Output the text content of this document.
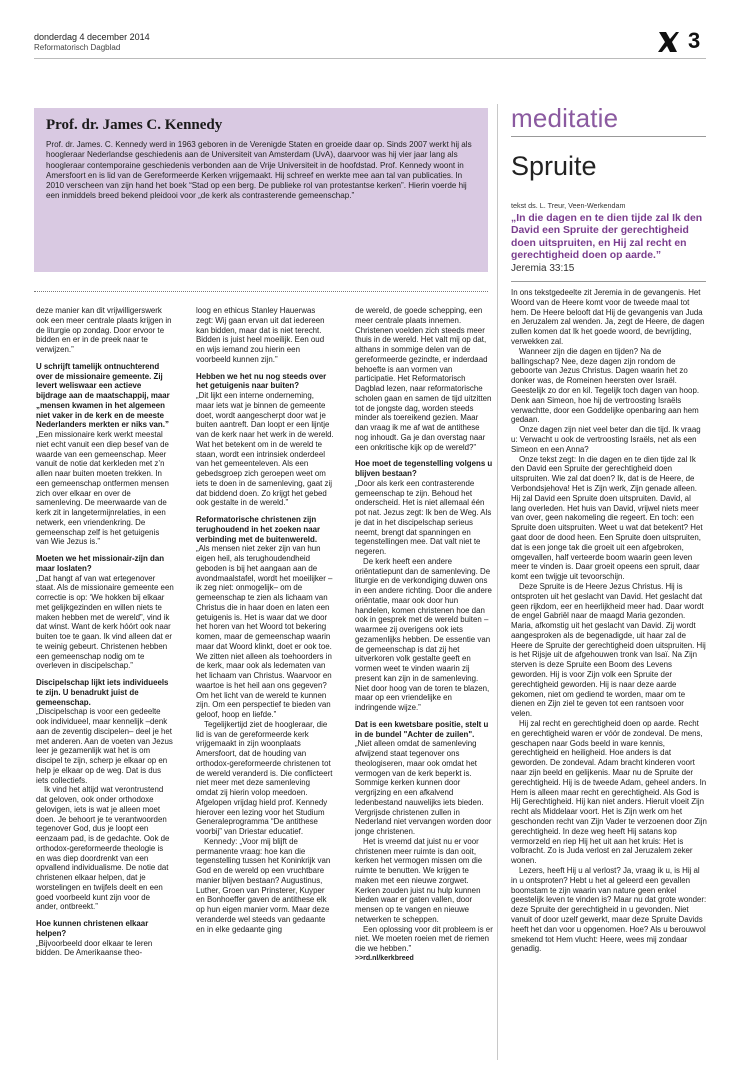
donderdag 4 december 2014
Reformatorisch Dagblad	3
Prof. dr. James C. Kennedy

Prof. dr. James. C. Kennedy werd in 1963 geboren in de Verenigde Staten en groeide daar op. Sinds 2007 werkt hij als hoogleraar Nederlandse geschiedenis aan de Universiteit van Amsterdam (UvA), daarvoor was hij vier jaar lang als hoogleraar contemporaine geschiedenis verbonden aan de Vrije Universiteit in de hoofdstad. Prof. Kennedy woont in Amersfoort en is lid van de Gereformeerde Kerken vrijgemaakt. Hij schreef en werkte mee aan tal van publicaties. In 2010 verscheen van zijn hand het boek “Stad op een berg. De publieke rol van protestantse kerken”. Hierin voerde hij een inmiddels breed bekend pleidooi voor „de kerk als contrasterende gemeenschap.”

deze manier kan dit vrijwilligerswerk ook een meer centrale plaats krijgen in de liturgie op zondag. Door ervoor te bidden en er in de preek naar te verwijzen.”

U schrijft tamelijk ontnuchterend over de missionaire gemeente. Zij levert weliswaar een actieve bijdrage aan de maatschappij, maar „mensen kwamen in het algemeen niet vaker in de kerk en de meeste Nederlanders merkten er niks van.”

„Een missionaire kerk werkt meestal niet echt vanuit een diep besef van de waarde van een gemeenschap. Meer vanuit de notie dat kerkleden met z’n allen naar buiten moeten trekken. In een gemeenschap ontfermen mensen zich over elkaar en over de samenleving. De meerwaarde van de kerk zit in langetermijnrelaties, in een netwerk, een vriendenkring. De gemeenschap zelf is het getuigenis van Wie Jezus is.”

Moeten we het missionair-zijn dan maar loslaten?

„Dat hangt af van wat ertegenover staat. Als de missionaire gemeente een correctie is op: ‘We hokken bij elkaar met gelijkgezinden en willen niets te maken hebben met de wereld”, vind ik dat winst. Want de kerk hóórt ook naar buiten toe te gaan. Ik vind alleen dat er te weinig gebeurt. Christenen hebben een gemeenschap nodig om te overleven in discipelschap.”

Discipelschap lijkt iets individueels te zijn. U benadrukt juist de gemeenschap.

„Discipelschap is voor een gedeelte ook individueel, maar kennelijk –denk aan de zeventig discipelen– deel je het met anderen. Aan de voeten van Jezus leer je gezamenlijk wat het is om discipel te zijn, scherp je elkaar op en help je elkaar op de weg. Dat is dus iets collectiefs.

Ik vind het altijd wat verontrustend dat geloven, ook onder orthodoxe gelovigen, iets is wat je alleen moet doen. Je behoort je te verantwoorden tegenover God, dus je loopt een eenzaam pad, is de gedachte. Ook de orthodox-gereformeerde theologie is en was diep doordrenkt van een opvallend individualisme. De notie dat christenen elkaar helpen, dat je worstelingen en twijfels deelt en een goed voorbeeld kunt zijn voor de ander, ontbreekt.”

Hoe kunnen christenen elkaar helpen?

„Bijvoorbeeld door elkaar te leren bidden. De Amerikaanse theo-

loog en ethicus Stanley Hauerwas zegt: Wij gaan ervan uit dat iedereen kan bidden, maar dat is niet terecht. Bidden is juist heel moeilijk. Een oud en wijs iemand zou hierin een voorbeeld kunnen zijn.”

Hebben we het nu nog steeds over het getuigenis naar buiten?

„Dit lijkt een interne onderneming, maar iets wat je binnen de gemeente doet, wordt aangescherpt door wat je buiten aantreft. Dan loopt er een lijntje van de kerk naar het werk in de wereld. Wat het betekent om in de wereld te staan, wordt een intrinsiek onderdeel van het gemeenteleven. Als een gebedsgroep zich geroepen weet om iets te doen in de samenleving, gaat zij dat biddend doen. Zo krijgt het gebed ook gestalte in de wereld.”

Reformatorische christenen zijn terughoudend in het zoeken naar verbinding met de buitenwereld.

„Als mensen niet zeker zijn van hun eigen heil, als terughoudendheid geboden is bij het aangaan aan de avondmaalstafel, wordt het moeilijker –ik zeg niet: onmogelijk– om de gemeenschap te zien als lichaam van Christus die in haar doen en laten een getuigenis is. Het is waar dat we door het horen van het Woord tot bekering komen, maar de gemeenschap waarin maar dat Woord klinkt, doet er ook toe. We zitten niet alleen als toehoorders in de kerk, maar ook als ledematen van het lichaam van Christus. Waarvoor en waartoe is het heil aan ons gegeven? Om het licht van de wereld te kunnen zijn. Om een perspectief te bieden van geloof, hoop en liefde.”

Tegelijkertijd ziet de hoogleraar, die lid is van de gereformeerde kerk vrijgemaakt in zijn woonplaats Amersfoort, dat de houding van orthodox-gereformeerde christenen tot de wereld veranderd is. Die conflicteert niet meer met deze samenleving omdat zij hierin volop meedoen. Afgelopen vrijdag hield prof. Kennedy hierover een lezing voor het Studium Generaleprogramma “De antithese voorbij” van Driestar educatief.

Kennedy: „Voor mij blijft de permanente vraag: hoe kan die tegenstelling tussen het Koninkrijk van God en de wereld op een vruchtbare manier blijven bestaan? Augustinus, Luther, Groen van Prinsterer, Kuyper en Bonhoeffer gaven de antithese elk op hun eigen manier vorm. Maar deze veranderde wel steeds van gedaante en in elke gedaante ging

de wereld, de goede schepping, een meer centrale plaats innemen. Christenen voelden zich steeds meer thuis in de wereld. Het valt mij op dat, althans in sommige delen van de gereformeerde gezindte, er inderdaad behoefte is aan vormen van participatie. Het Reformatorisch Dagblad lezen, naar reformatorische scholen gaan en samen de tijd uitzitten tot de jongste dag, worden steeds minder als toereikend gezien. Maar dan vraag ik me af wat de antithese nog inhoudt. Ga je dan overstag naar een onkritische kijk op de wereld?”

Hoe moet de tegenstelling volgens u blijven bestaan?

„Door als kerk een contrasterende gemeenschap te zijn. Behoud het onderscheid. Het is niet allemaal één pot nat. Jezus zegt: Ik ben de Weg. Als je dat in het discipelschap serieus neemt, brengt dat spanningen en tegenstellingen mee. Dat valt niet te negeren.

De kerk heeft een andere oriëntatiepunt dan de samenleving. De liturgie en de verkondiging duwen ons in een andere richting. Door die andere oriëntatie, maar ook door hun handelen, komen christenen hoe dan ook in gesprek met de wereld buiten – waarmee zij overigens ook iets gezamenlijks hebben. De essentie van de gemeenschap is dat zij het uitverkoren volk gestalte geeft en vormen weet te vinden waarin zij present kan zijn in de samenleving. Niet door hoog van de toren te blazen, maar op een vriendelijke en indringende wijze.”

Dat is een kwetsbare positie, stelt u in de bundel "Achter de zuilen".

„Niet alleen omdat de samenleving afwijzend staat tegenover ons theologiseren, maar ook omdat het vermogen van de kerk beperkt is. Sommige kerken kunnen door vergrijzing en een afkalvend ledenbestand nauwelijks iets bieden. Vergrijsde christenen zullen in Nederland niet vervangen worden door jonge christenen.

Het is vreemd dat juist nu er voor christenen meer ruimte is dan ooit, kerken het vermogen missen om die ruimte te benutten. We krijgen te maken met een nieuwe zorgwet. Kerken zouden juist nu hulp kunnen bieden waar er gaten vallen, door mensen op te vangen en nieuwe netwerken te scheppen.

Een oplossing voor dit probleem is er niet. We moeten roeien met de riemen die we hebben.”

>>rd.nl/kerkbreed

meditatie
Spruite
tekst ds. L. Treur, Veen-Werkendam

„In die dagen en te dien tijde zal Ik den David een Spruite der gerechtigheid doen uitspruiten, en Hij zal recht en gerechtigheid doen op aarde.”

Jeremia 33:15

In ons tekstgedeelte zit Jeremia in de gevangenis. Het Woord van de Heere komt voor de tweede maal tot hem. De Heere belooft dat Hij de gevangenis van Juda en Jeruzalem zal wenden. Ja, zegt de Heere, de dagen zullen komen dat Ik het goede woord, de bevrijding, verwekken zal.

Wanneer zijn die dagen en tijden? Na de ballingschap? Nee, deze dagen zijn rondom de geboorte van Jezus Christus. Dagen waarin het zo donker was, de Romeinen heersten over Israël. Geestelijk zo dor en kil. Tegelijk toch dagen van hoop. Denk aan Simeon, hoe hij de vertroosting Israëls verwachtte, door een Goddelijke openbaring aan hem gedaan.

Onze dagen zijn niet veel beter dan die tijd. Ik vraag u: Verwacht u ook de vertroosting Israëls, net als een Simeon en een Anna?

Onze tekst zegt: In die dagen en te dien tijde zal Ik den David een Spruite der gerechtigheid doen uitspruiten. Wie zal dat doen? Ik, dat is de Heere, de Verbondsjehova! Het is Zijn werk, Zijn genade alleen. Hij zal David een Spruite doen uitspruiten. David, al lang overleden. Het huis van David, vrijwel niets meer van over, geen nakomeling die regeert. En toch: een Spruite doen uitspruiten. Weet u wat dat betekent? Het gaat door de dood heen. Een Spruite doen uitspruiten, dat is een jonge tak die groeit uit een afgebroken, omgevallen, half verteerde boom waarin geen leven meer te vinden is. Daar groeit opeens een spruit, daar komt een twijgje uit tevoorschijn.

Deze Spruite is de Heere Jezus Christus. Hij is ontsproten uit het geslacht van David. Het geslacht dat geen rijkdom, eer en heerlijkheid meer had. Daar wordt de engel Gabriël naar de maagd Maria gezonden. Maria, afkomstig uit het geslacht van David. Zij wordt aangesproken als de begenadigde, uit haar zal de Heere de Spruite der gerechtigheid doen uitspruiten. Hij is het Rijsje uit de afgehouwen tronk van Isaï. Na Zijn sterven is deze Spruite een Boom des Levens geworden. Hij is voor Zijn volk een Spruite der gerechtigheid geworden. Hij is naar deze aarde gekomen, niet om gediend te worden, maar om te dienen en Zijn ziel te geven tot een rantsoen voor velen.

Hij zal recht en gerechtigheid doen op aarde. Recht en gerechtigheid waren er vóór de zondeval. De mens, geschapen naar Gods beeld in ware kennis, gerechtigheid en heiligheid. Hoe anders is dat geworden. De zondeval. Adam bracht kinderen voort naar zijn beeld en gelijkenis. Maar nu de Spruite der gerechtigheid. Hij is de tweede Adam, geheel anders. In Hem is alleen maar recht en gerechtigheid. Als God is Hij Gerechtigheid. Hij kan niet anders. Hieruit vloeit Zijn recht als Middelaar voort. Het is Zijn werk om het geschonden recht van Zijn Vader te verzoenen door Zijn gerechtigheid. In deze weg heeft Hij satans kop vermorzeld en riep Hij het uit aan het kruis: Het is volbracht. Zo is Juda verlost en zal Jeruzalem zeker wonen.

Lezers, heeft Hij u al verlost? Ja, vraag ik u, is Hij al in u ontsproten? Hebt u het al geleerd een gevallen boomstam te zijn waarin van nature geen enkel geestelijk leven te vinden is? Maar nu dat grote wonder: deze Spruite der gerechtigheid in u gevonden. Niet vanuit of door uzelf gewerkt, maar deze Spruite Davids heeft het dan voor u opgenomen. Hoe? Als u berouwvol smekend tot Hem vlucht: Heere, wees mij zondaar genadig.
